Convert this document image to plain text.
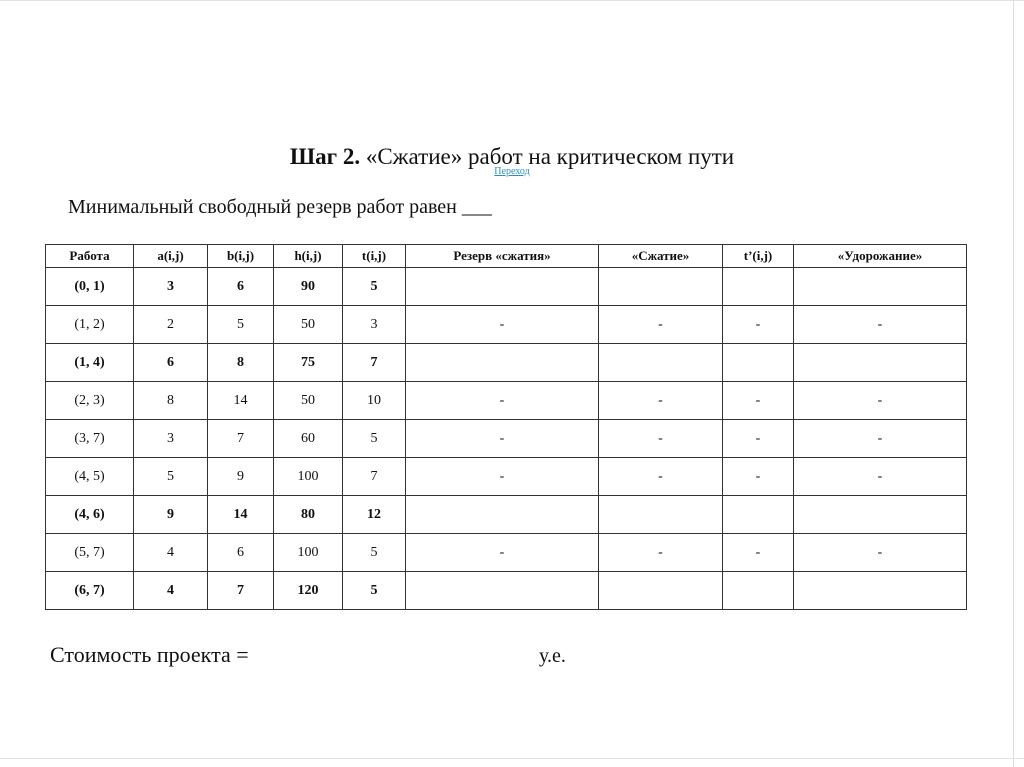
Шаг 2. «Сжатие» работ на критическом пути
Переход
Минимальный свободный резерв работ равен ___
Работа	a(i,j)	b(i,j)	h(i,j)	t(i,j)	Резерв «сжатия»	«Сжатие»	t’(i,j)	«Удорожание»
(0, 1)	3	6	90	5				
(1, 2)	2	5	50	3	-	-	-	-
(1, 4)	6	8	75	7				
(2, 3)	8	14	50	10	-	-	-	-
(3, 7)	3	7	60	5	-	-	-	-
(4, 5)	5	9	100	7	-	-	-	-
(4, 6)	9	14	80	12				
(5, 7)	4	6	100	5	-	-	-	-
(6, 7)	4	7	120	5				
Стоимость проекта =	у.е.
